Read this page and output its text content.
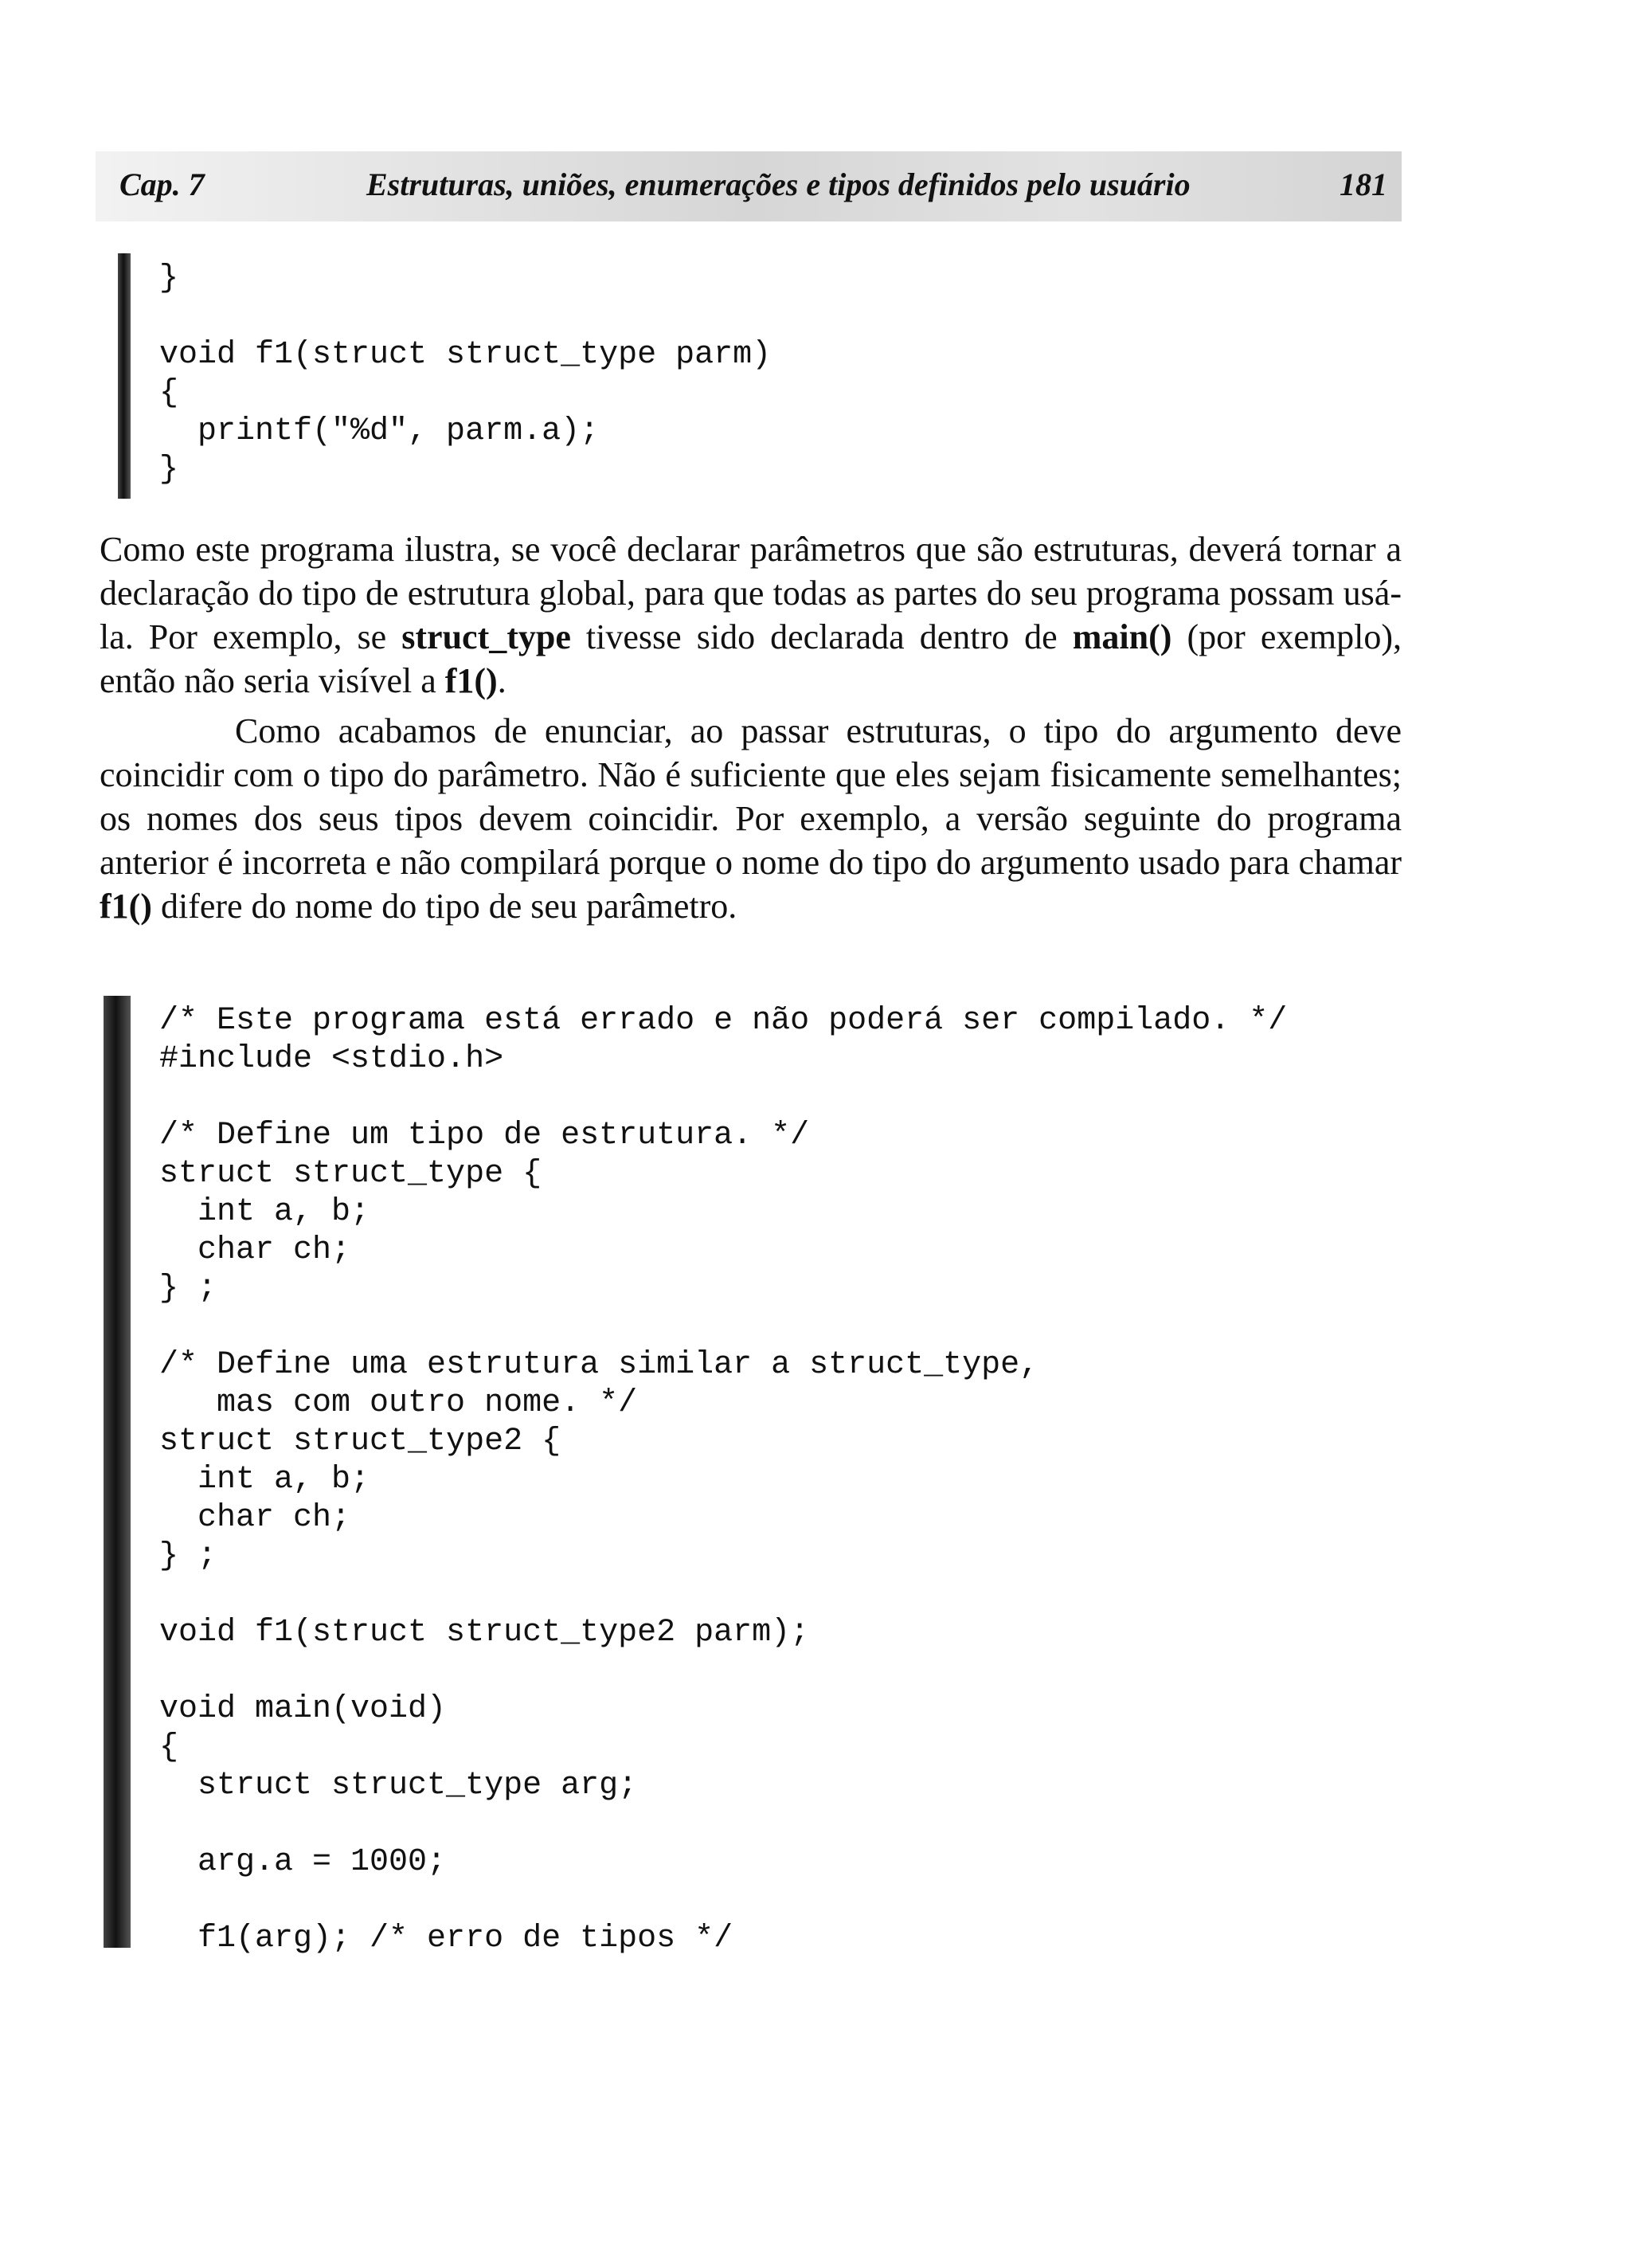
Cap. 7	Estruturas, uniões, enumerações e tipos definidos pelo usuário	181
}
void f1(struct struct_type parm)
{
printf("%d", parm.a);
}

Como este programa ilustra, se você declarar parâmetros que são estruturas, deverá tornar a declaração do tipo de estrutura global, para que todas as partes do seu programa possam usá-la. Por exemplo, se struct_type tivesse sido declarada dentro de main() (por exemplo), então não seria visível a f1().

Como acabamos de enunciar, ao passar estruturas, o tipo do argumento deve coincidir com o tipo do parâmetro. Não é suficiente que eles sejam fisicamente semelhantes; os nomes dos seus tipos devem coincidir. Por exemplo, a versão seguinte do programa anterior é incorreta e não compilará porque o nome do tipo do argumento usado para chamar f1() difere do nome do tipo de seu parâmetro.

/* Este programa está errado e não poderá ser compilado. */
#include <stdio.h>
/* Define um tipo de estrutura. */
struct struct_type {
int a, b;
char ch;
} ;
/* Define uma estrutura similar a struct_type,
mas com outro nome. */
struct struct_type2 {
int a, b;
char ch;
} ;
void f1(struct struct_type2 parm);
void main(void)
{
struct struct_type arg;
arg.a = 1000;
f1(arg); /* erro de tipos */
